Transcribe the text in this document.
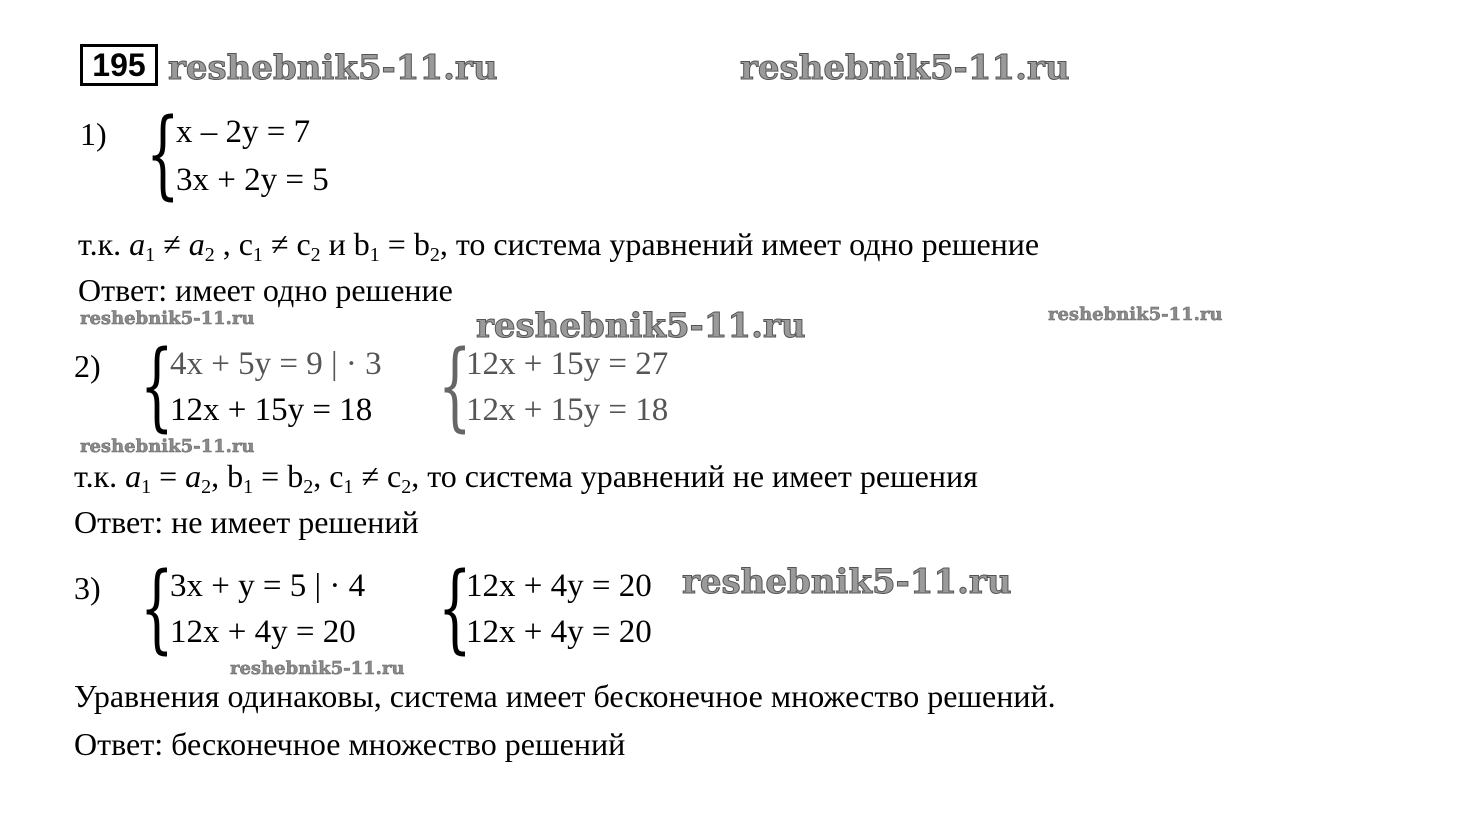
195 reshebnik5-11.ru	reshebnik5-11.ru
reshebnik5-11.ru	reshebnik5-11.ru	reshebnik5-11.ru
reshebnik5-11.ru
reshebnik5-11.ru
reshebnik5-11.ru
1) {
x – 2y = 7
3x + 2y = 5
т.к. $a_1 \ne a_2$ , $c_1 \ne c_2$ и $b_1 = b_2$, то система уравнений имеет одно решение
Ответ: имеет одно решение
2) {
4x + 5y = 9 | · 3
12x + 15y = 18 {
12x + 15y = 27
12x + 15y = 18
т.к. $a_1 = a_2$, $b_1 = b_2$, $c_1 \ne c_2$, то система уравнений не имеет решения
Ответ: не имеет решений
3) {
3x + y = 5 | · 4
12x + 4y = 20 {
12x + 4y = 20
12x + 4y = 20
Уравнения одинаковы, система имеет бесконечное множество решений.
Ответ: бесконечное множество решений
